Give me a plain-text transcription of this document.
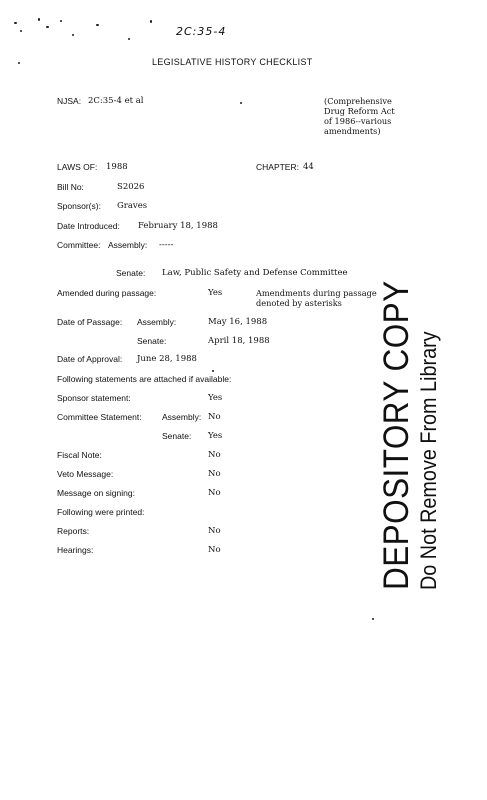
2C:35-4
LEGISLATIVE HISTORY CHECKLIST
NJSA: 2C:35-4 et al	(Comprehensive
Drug Reform Act
of 1986--various
amendments)
LAWS OF: 1988	CHAPTER: 44
Bill No:	S2026
Sponsor(s): Graves
Date Introduced: February 18, 1988
Committee: Assembly: -----
Senate: Law, Public Safety and Defense Committee
Amended during passage:	Yes	Amendments during passage
denoted by asterisks
Date of Passage: Assembly:	May 16, 1988
Senate:	April 18, 1988
Date of Approval: June 28, 1988
Following statements are attached if available:
Sponsor statement:	Yes
Committee Statement: Assembly: No
Senate: Yes
Fiscal Note:	No
Veto Message:	No
Message on signing:	No
Following were printed:
Reports:	No
Hearings:	No	DEPOSITORY COPY Do Not Remove From Library
